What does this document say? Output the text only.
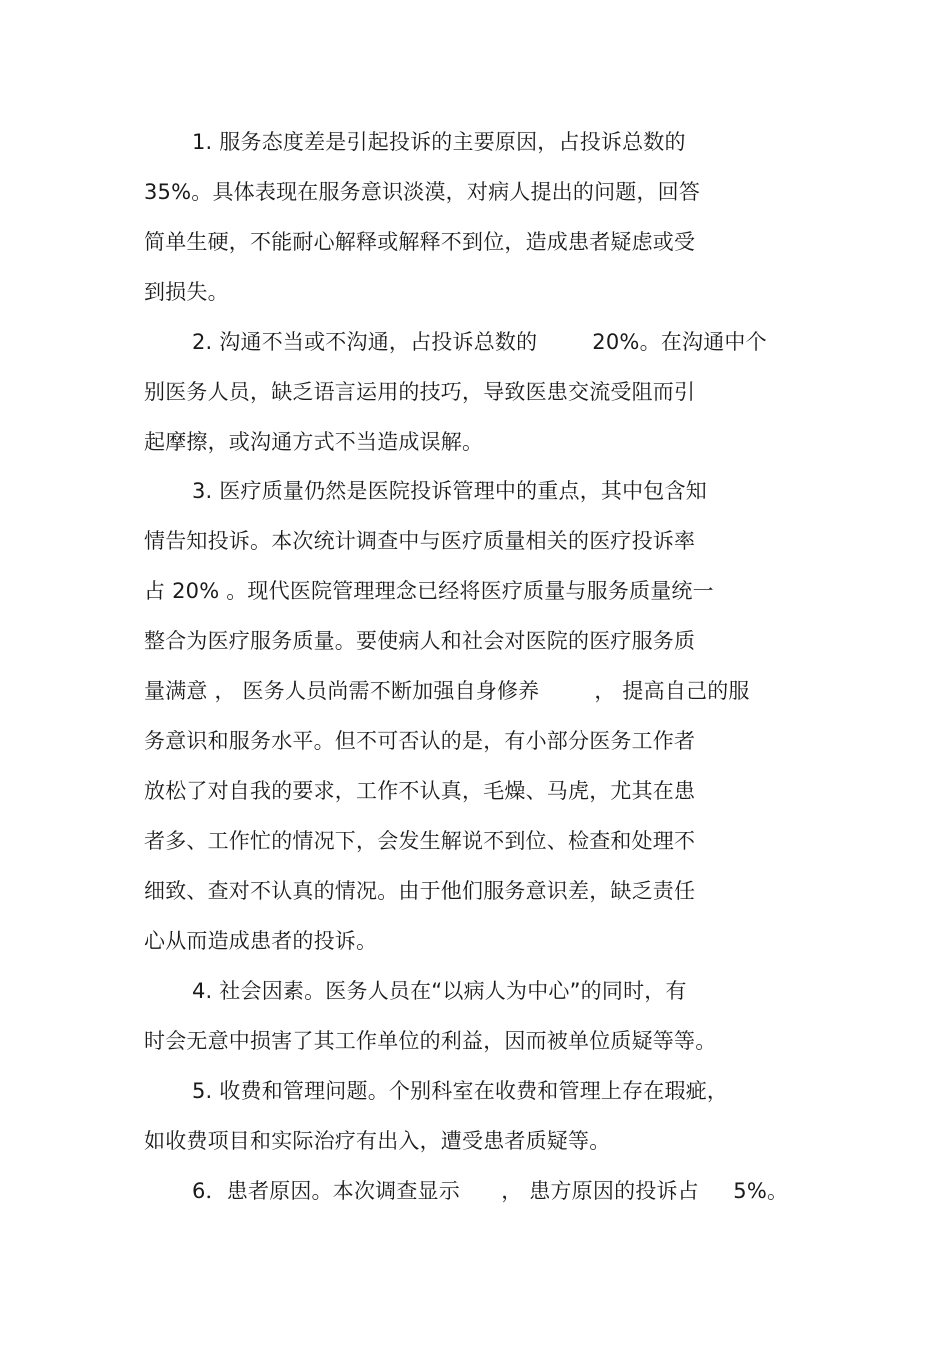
1. 服务态度差是引起投诉的主要原因，占投诉总数的
35%。具体表现在服务意识淡漠，对病人提出的问题，回答
简单生硬，不能耐心解释或解释不到位，造成患者疑虑或受
到损失。
2. 沟通不当或不沟通，占投诉总数的        20%。在沟通中个
别医务人员，缺乏语言运用的技巧，导致医患交流受阻而引
起摩擦，或沟通方式不当造成误解。
3. 医疗质量仍然是医院投诉管理中的重点，其中包含知
情告知投诉。本次统计调查中与医疗质量相关的医疗投诉率
占 20% 。现代医院管理理念已经将医疗质量与服务质量统一
整合为医疗服务质量。要使病人和社会对医院的医疗服务质
量满意 ， 医务人员尚需不断加强自身修养        ， 提高自己的服
务意识和服务水平。但不可否认的是，有小部分医务工作者
放松了对自我的要求，工作不认真，毛燥、马虎，尤其在患
者多、工作忙的情况下，会发生解说不到位、检查和处理不
细致、查对不认真的情况。由于他们服务意识差，缺乏责任
心从而造成患者的投诉。
4. 社会因素。医务人员在“以病人为中心”的同时，有
时会无意中损害了其工作单位的利益，因而被单位质疑等等。
5. 收费和管理问题。个别科室在收费和管理上存在瑕疵，
如收费项目和实际治疗有出入，遭受患者质疑等。
6．患者原因。本次调查显示      ， 患方原因的投诉占     5%。
